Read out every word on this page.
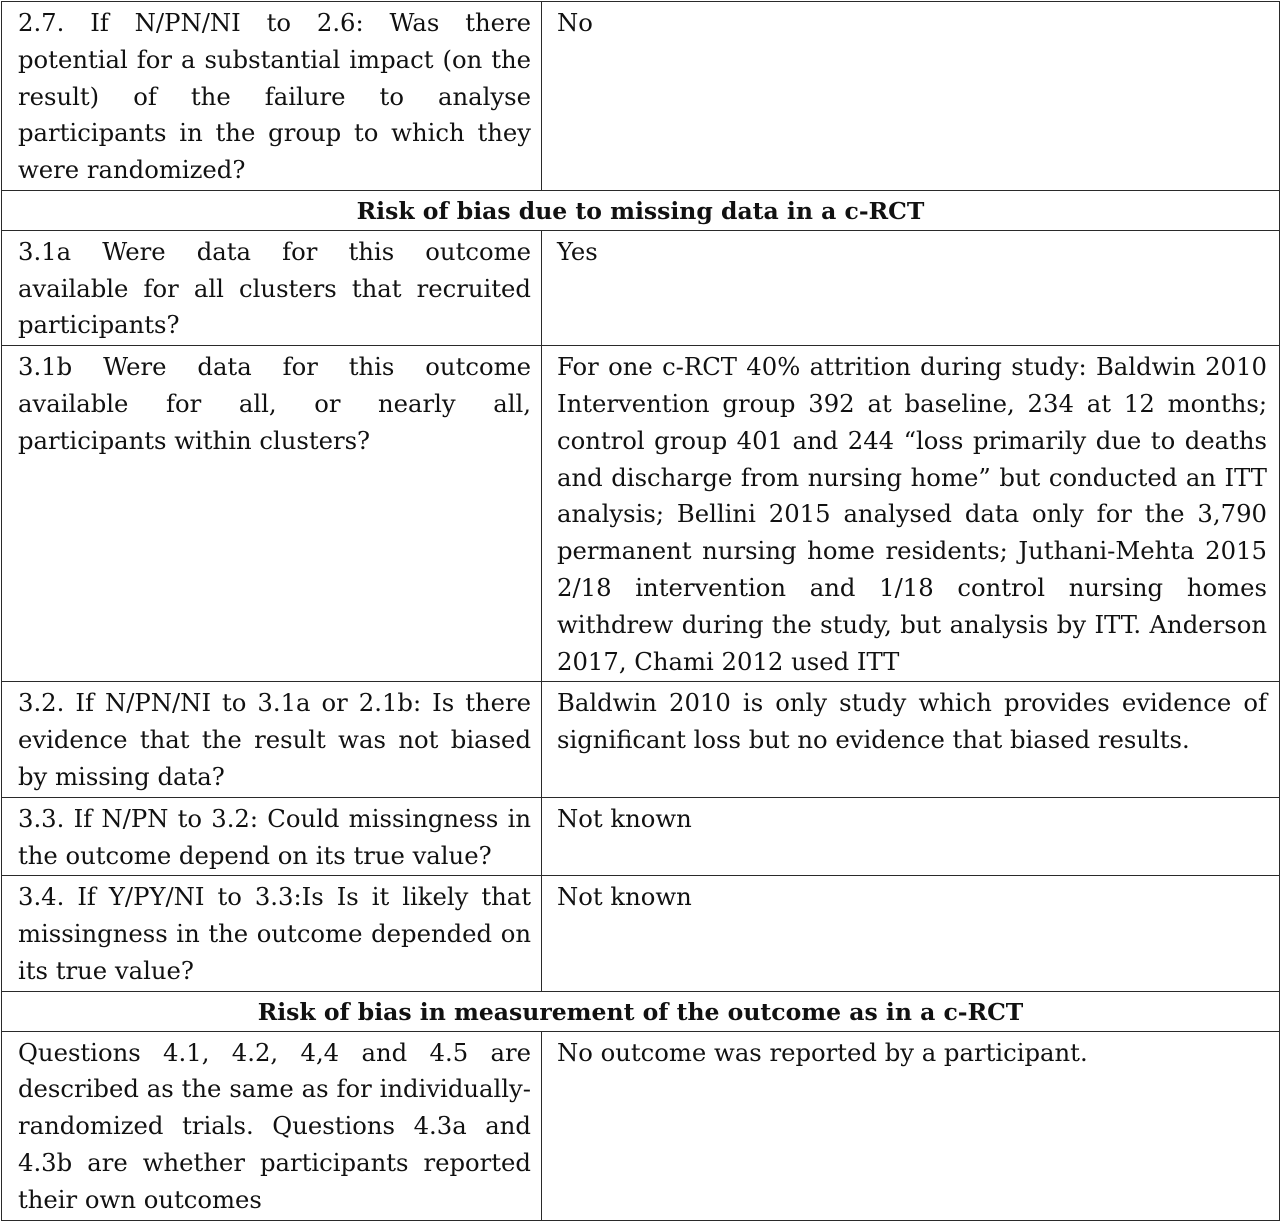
2.7. If N/PN/NI to 2.6: Was there potential for a substantial impact (on the result) of the failure to analyse participants in the group to which they were randomized?	No
Risk of bias due to missing data in a c-RCT	
3.1a Were data for this outcome available for all clusters that recruited participants?	Yes
3.1b Were data for this outcome available for all, or nearly all, participants within clusters?	For one c-RCT 40% attrition during study: Baldwin 2010 Intervention group 392 at baseline, 234 at 12 months; control group 401 and 244 “loss primarily due to deaths and discharge from nursing home” but conducted an ITT analysis; Bellini 2015 analysed data only for the 3,790 permanent nursing home residents; Juthani-Mehta 2015 2/18 intervention and 1/18 control nursing homes withdrew during the study, but analysis by ITT. Anderson 2017, Chami 2012 used ITT
3.2. If N/PN/NI to 3.1a or 2.1b: Is there evidence that the result was not biased by missing data?	Baldwin 2010 is only study which provides evidence of significant loss but no evidence that biased results.
3.3. If N/PN to 3.2: Could missingness in the outcome depend on its true value?	Not known
3.4. If Y/PY/NI to 3.3:Is Is it likely that missingness in the outcome depended on its true value?	Not known
Risk of bias in measurement of the outcome as in a c-RCT	
Questions 4.1, 4.2, 4,4 and 4.5 are described as the same as for individually-randomized trials. Questions 4.3a and 4.3b are whether participants reported their own outcomes	No outcome was reported by a participant.
